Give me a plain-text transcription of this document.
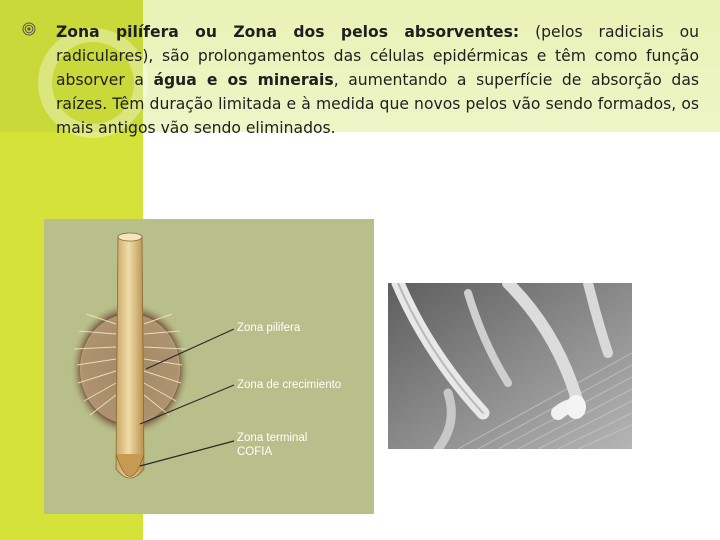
Zona pilífera ou Zona dos pelos absorventes: (pelos radiciais ou radiculares), são prolongamentos das células epidérmicas e têm como função absorver a água e os minerais, aumentando a superfície de absorção das raízes. Têm duração limitada e à medida que novos pelos vão sendo formados, os mais antigos vão sendo eliminados.
Zona pilifera
Zona de crecimiento
Zona terminal
COFIA
